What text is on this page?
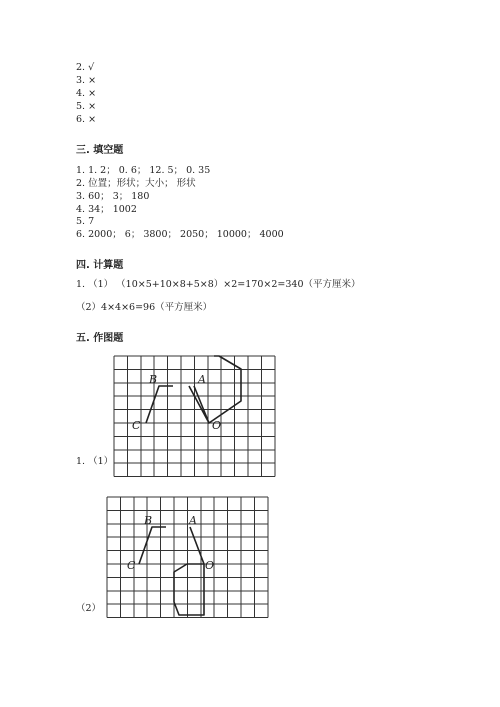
2. √
3. ×
4. ×
5. ×
6. ×
三. 填空题
1. 1. 2； 0. 6； 12. 5； 0. 35
2. 位置；形状；大小； 形状
3. 60； 3； 180
4. 34； 1002
5. 7
6. 2000； 6； 3800； 2050； 10000； 4000
四. 计算题
1. （1） （10×5+10×8+5×8）×2=170×2=340（平方厘米）
（2）4×4×6=96（平方厘米）
五. 作图题
B	A
C	O
1. （1）
B	A
C	O
（2）
